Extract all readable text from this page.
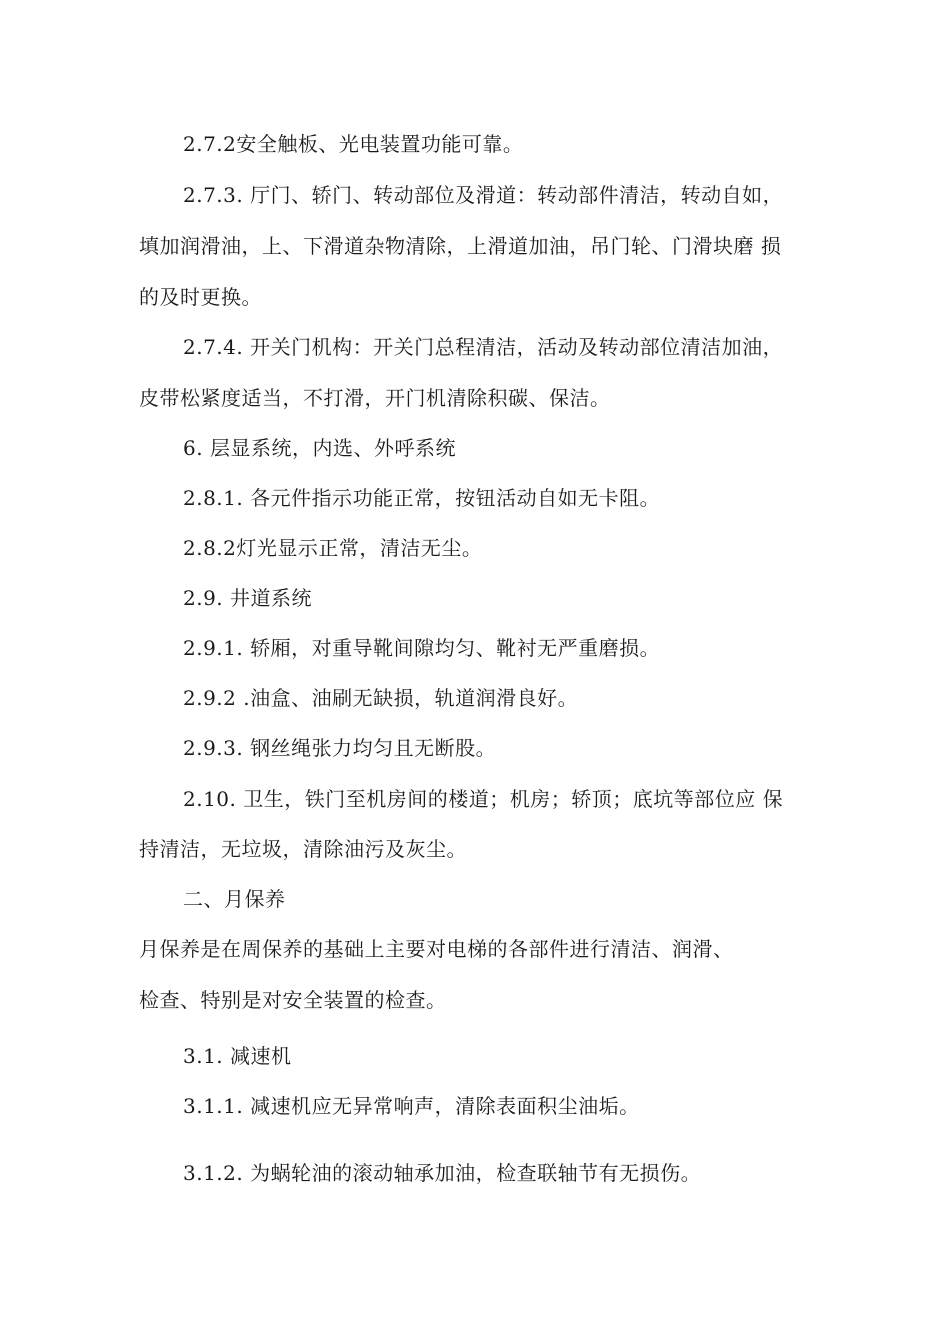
2.7.2安全触板、光电装置功能可靠。
2.7.3. 厅门、轿门、转动部位及滑道：转动部件清洁，转动自如，
填加润滑油，上、下滑道杂物清除，上滑道加油，吊门轮、门滑块磨 损
的及时更换。
2.7.4. 开关门机构：开关门总程清洁，活动及转动部位清洁加油，
皮带松紧度适当，不打滑，开门机清除积碳、保洁。
6. 层显系统，内选、外呼系统
2.8.1. 各元件指示功能正常，按钮活动自如无卡阻。
2.8.2灯光显示正常，清洁无尘。
2.9. 井道系统
2.9.1. 轿厢，对重导靴间隙均匀、靴衬无严重磨损。
2.9.2 .油盒、油刷无缺损，轨道润滑良好。
2.9.3. 钢丝绳张力均匀且无断股。
2.10. 卫生，铁门至机房间的楼道；机房；轿顶；底坑等部位应 保
持清洁，无垃圾，清除油污及灰尘。
二、月保养
月保养是在周保养的基础上主要对电梯的各部件进行清洁、润滑、
检查、特别是对安全装置的检查。
3.1. 减速机
3.1.1. 减速机应无异常响声，清除表面积尘油垢。
3.1.2. 为蜗轮油的滚动轴承加油，检查联轴节有无损伤。
